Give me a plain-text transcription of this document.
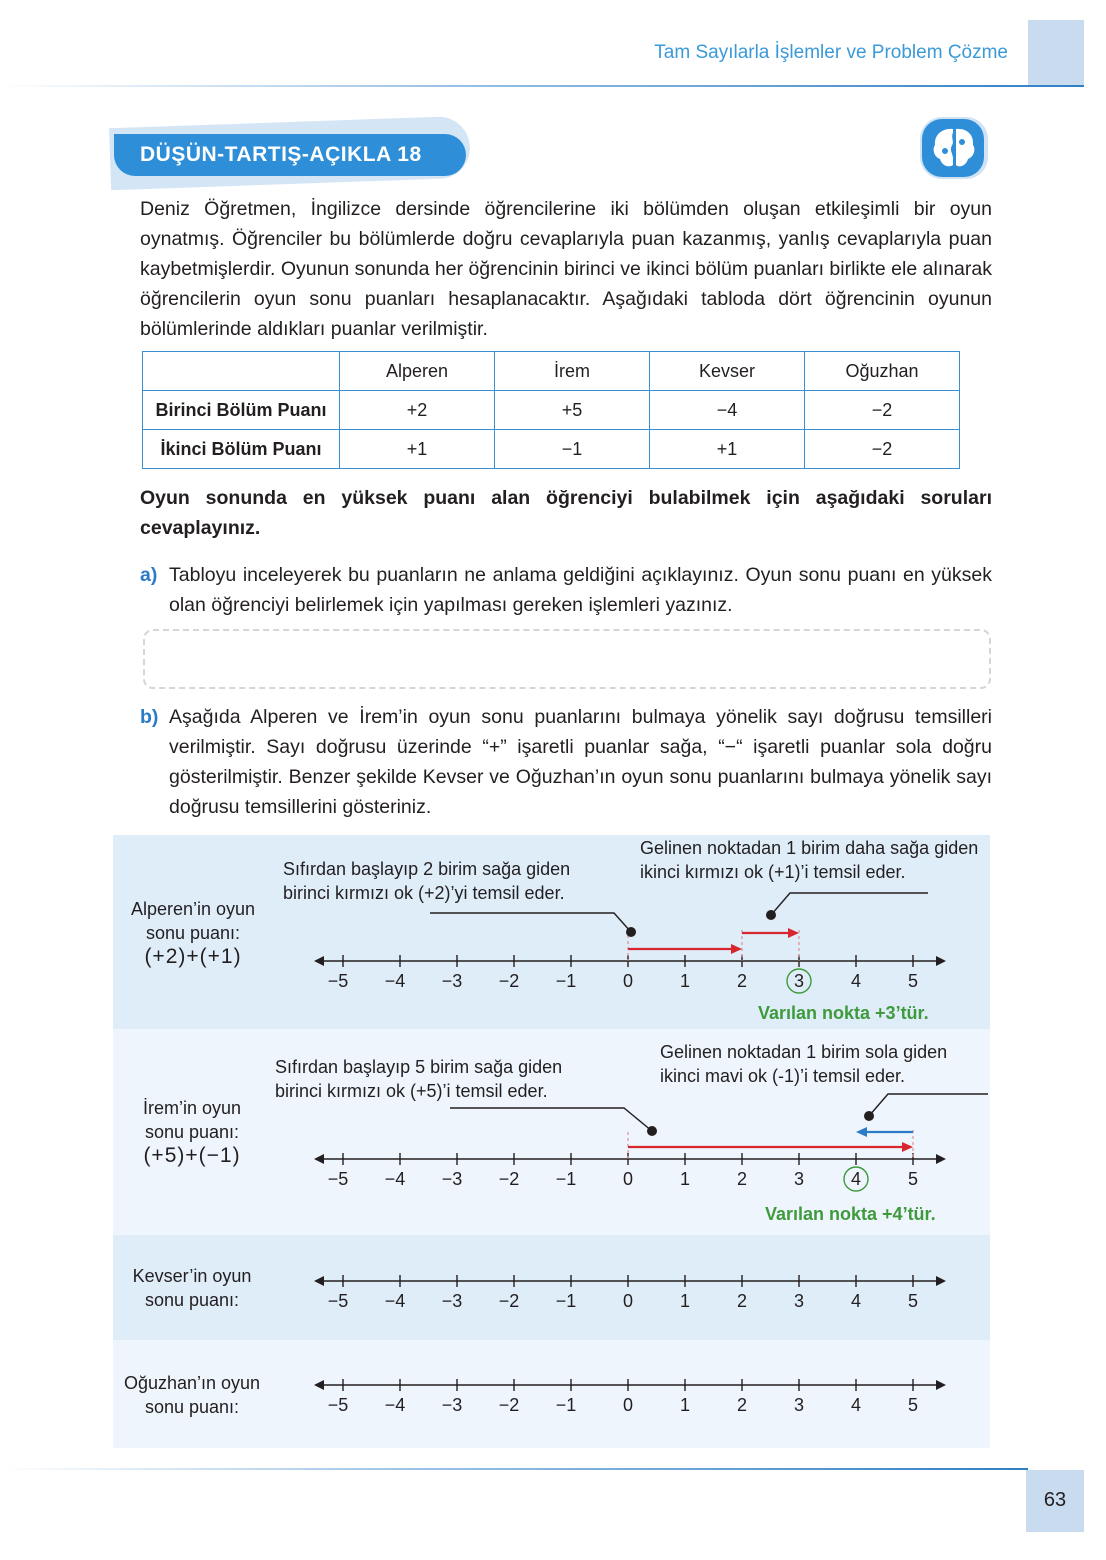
Tam Sayılarla İşlemler ve Problem Çözme
DÜŞÜN-TARTIŞ-AÇIKLA 18

Deniz Öğretmen, İngilizce dersinde öğrencilerine iki bölümden oluşan etkileşimli bir oyun oynatmış. Öğrenciler bu bölümlerde doğru cevaplarıyla puan kazanmış, yanlış cevaplarıyla puan kaybetmişlerdir. Oyunun sonunda her öğrencinin birinci ve ikinci bölüm puanları birlikte ele alınarak öğrencilerin oyun sonu puanları hesaplanacaktır. Aşağıdaki tabloda dört öğrencinin oyunun bölümlerinde aldıkları puanlar verilmiştir.

	Alperen	İrem	Kevser	Oğuzhan
Birinci Bölüm Puanı	+2	+5	−4	−2
İkinci Bölüm Puanı	+1	−1	+1	−2
Oyun sonunda en yüksek puanı alan öğrenciyi bulabilmek için aşağıdaki soruları cevaplayınız.
a) Tabloyu inceleyerek bu puanların ne anlama geldiğini açıklayınız. Oyun sonu puanı en yüksek olan öğrenciyi belirlemek için yapılması gereken işlemleri yazınız.
b) Aşağıda Alperen ve İrem’in oyun sonu puanlarını bulmaya yönelik sayı doğrusu temsilleri verilmiştir. Sayı doğrusu üzerinde “+” işaretli puanlar sağa, “−“ işaretli puanlar sola doğru gösterilmiştir. Benzer şekilde Kevser ve Oğuzhan’ın oyun sonu puanlarını bulmaya yönelik sayı doğrusu temsillerini gösteriniz.
Alperen’in oyun
sonu puanı:
(+2)+(+1)
Sıfırdan başlayıp 2 birim sağa giden
birinci kırmızı ok (+2)’yi temsil eder.
Gelinen noktadan 1 birim daha sağa giden
ikinci kırmızı ok (+1)’i temsil eder.
Varılan nokta +3’tür.
İrem’in oyun
sonu puanı:
(+5)+(−1)
Sıfırdan başlayıp 5 birim sağa giden
birinci kırmızı ok (+5)’i temsil eder.
Gelinen noktadan 1 birim sola giden
ikinci mavi ok (-1)’i temsil eder.
Varılan nokta +4’tür.
Kevser’in oyun
sonu puanı:
Oğuzhan’ın oyun
sonu puanı:
−5 −4 −3 −2 −1	0	1	2	3	4	5
−5 −4 −3 −2 −1	0	1	2	3	4	5
−5 −4 −3 −2 −1	0	1	2	3	4	5
−5 −4 −3 −2 −1	0	1	2	3	4	5
63
